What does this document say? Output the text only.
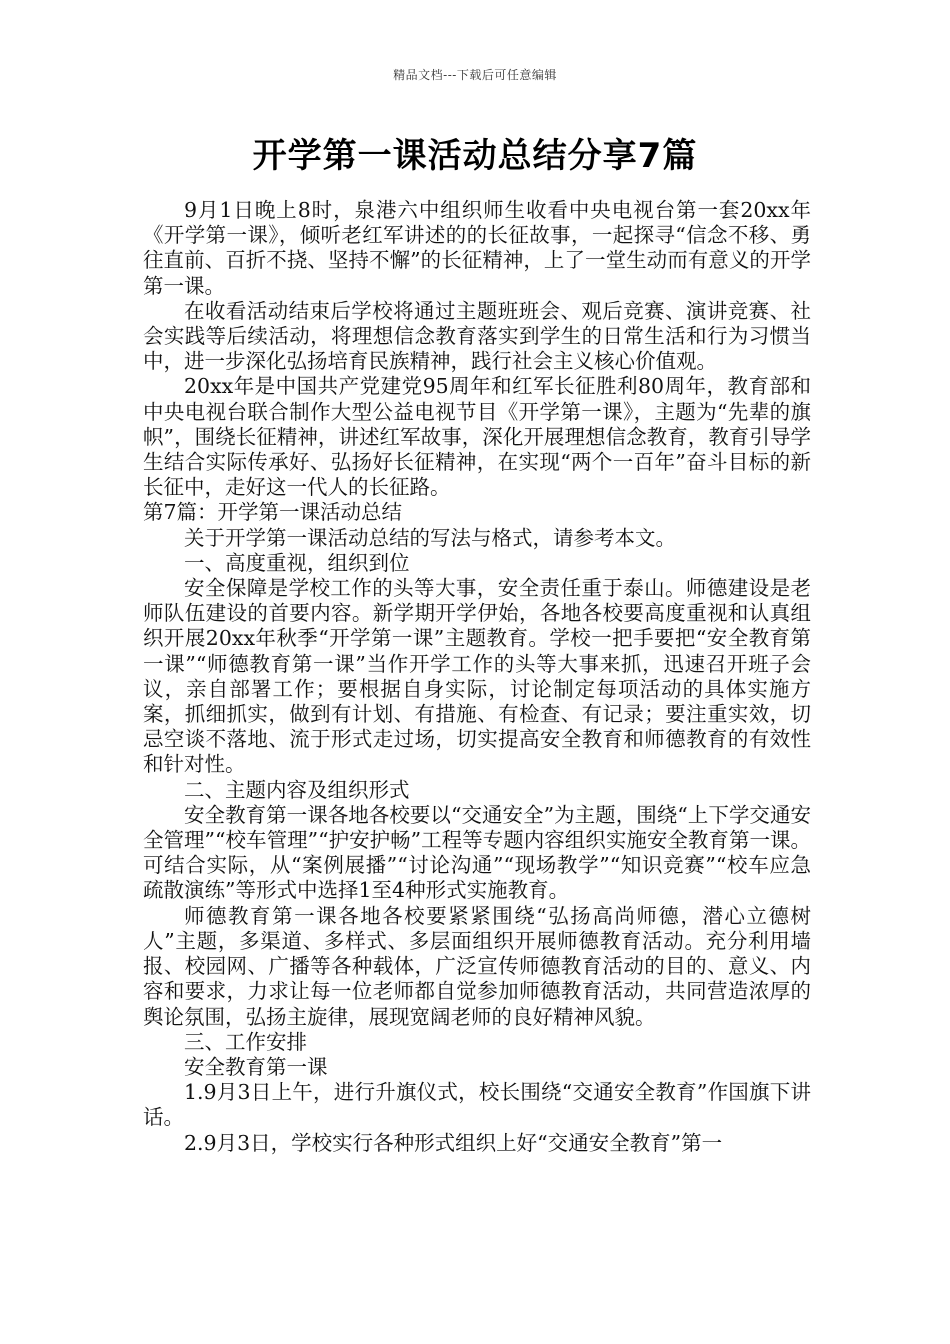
精品文档---下载后可任意编辑
开学第一课活动总结分享7篇

9月1日晚上8时，泉港六中组织师生收看中央电视台第一套20xx年《开学第一课》，倾听老红军讲述的的长征故事，一起探寻“信念不移、勇往直前、百折不挠、坚持不懈”的长征精神，上了一堂生动而有意义的开学第一课。

在收看活动结束后学校将通过主题班班会、观后竞赛、演讲竞赛、社会实践等后续活动，将理想信念教育落实到学生的日常生活和行为习惯当中，进一步深化弘扬培育民族精神，践行社会主义核心价值观。

20xx年是中国共产党建党95周年和红军长征胜利80周年，教育部和中央电视台联合制作大型公益电视节目《开学第一课》，主题为“先辈的旗帜”，围绕长征精神，讲述红军故事，深化开展理想信念教育，教育引导学生结合实际传承好、弘扬好长征精神，在实现“两个一百年”奋斗目标的新长征中，走好这一代人的长征路。

第7篇：开学第一课活动总结

关于开学第一课活动总结的写法与格式，请参考本文。

一、高度重视，组织到位

安全保障是学校工作的头等大事，安全责任重于泰山。师德建设是老师队伍建设的首要内容。新学期开学伊始，各地各校要高度重视和认真组织开展20xx年秋季“开学第一课”主题教育。学校一把手要把“安全教育第一课”“师德教育第一课”当作开学工作的头等大事来抓，迅速召开班子会议，亲自部署工作；要根据自身实际，讨论制定每项活动的具体实施方案，抓细抓实，做到有计划、有措施、有检查、有记录；要注重实效，切忌空谈不落地、流于形式走过场，切实提高安全教育和师德教育的有效性和针对性。

二、主题内容及组织形式

安全教育第一课各地各校要以“交通安全”为主题，围绕“上下学交通安全管理”“校车管理”“护安护畅”工程等专题内容组织实施安全教育第一课。可结合实际，从“案例展播”“讨论沟通”“现场教学”“知识竞赛”“校车应急疏散演练”等形式中选择1至4种形式实施教育。

师德教育第一课各地各校要紧紧围绕“弘扬高尚师德，潜心立德树人”主题，多渠道、多样式、多层面组织开展师德教育活动。充分利用墙报、校园网、广播等各种载体，广泛宣传师德教育活动的目的、意义、内容和要求，力求让每一位老师都自觉参加师德教育活动，共同营造浓厚的舆论氛围，弘扬主旋律，展现宽阔老师的良好精神风貌。

三、工作安排

安全教育第一课

1.9月3日上午，进行升旗仪式，校长围绕“交通安全教育”作国旗下讲话。

2.9月3日，学校实行各种形式组织上好“交通安全教育”第一
